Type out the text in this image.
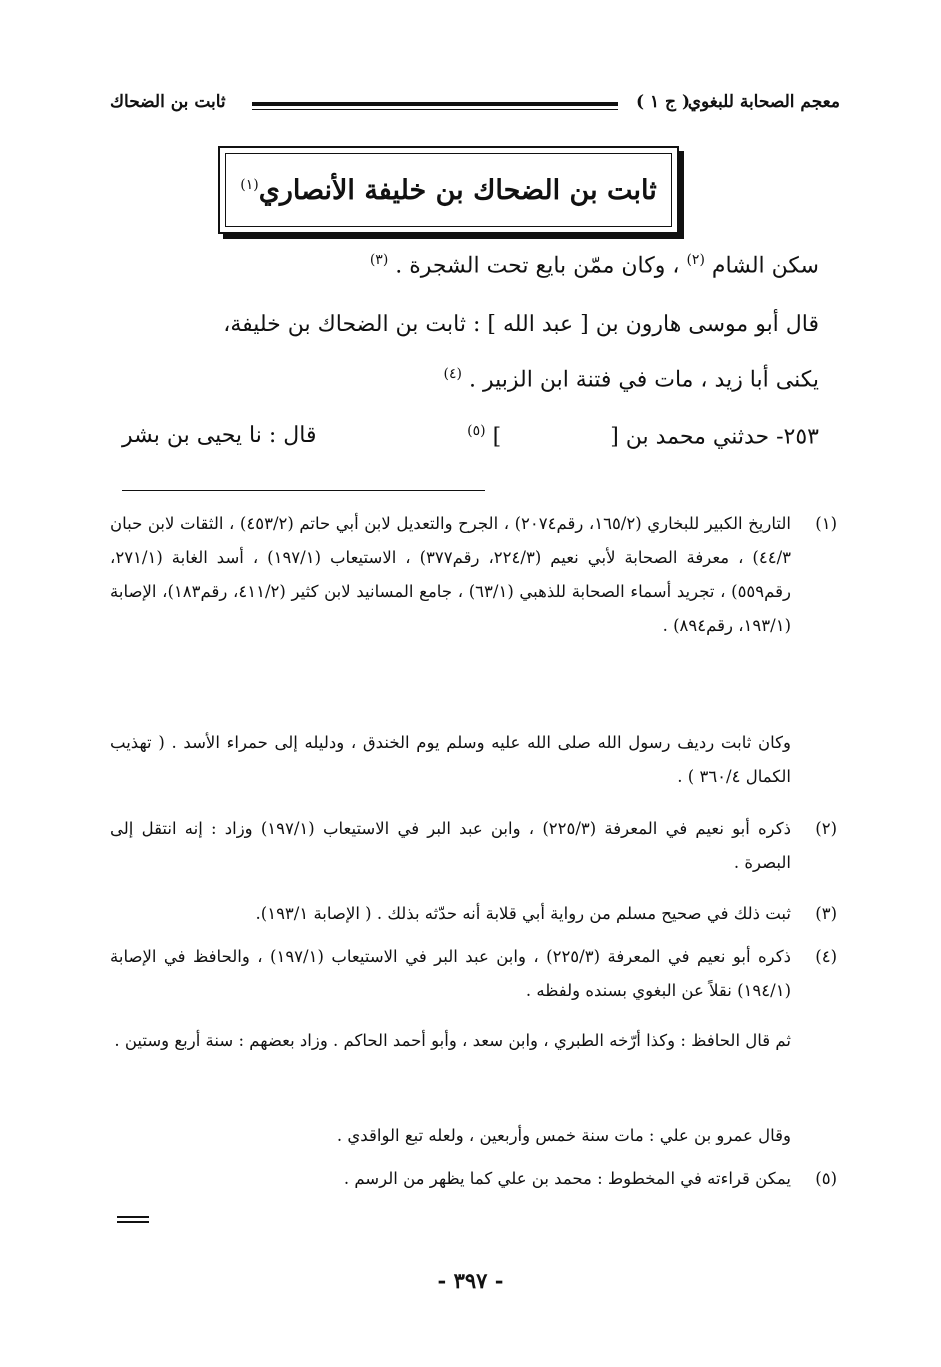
معجم الصحابة للبغوي
( ج ١ )
ثابت بن الضحاك
ثابت بن الضحاك بن خليفة الأنصاري$^{(١)}$
سكن الشام $^{(٢)}$ ، وكان ممّن بايع تحت الشجرة . $^{(٣)}$
قال أبو موسى هارون بن [ عبد الله ] : ثابت بن الضحاك بن خليفة،
يكنى أبا زيد ، مات في فتنة ابن الزبير . $^{(٤)}$
٢٥٣- حدثني محمد بن [  ] $^{(٥)}$
قال : نا يحيى بن بشر
(١)
التاريخ الكبير للبخاري (١٦٥/٢، رقم٢٠٧٤) ، الجرح والتعديل لابن أبي حاتم (٤٥٣/٢) ، الثقات لابن حبان ٤٤/٣) ، معرفة الصحابة لأبي نعيم (٢٢٤/٣، رقم٣٧٧) ، الاستيعاب (١٩٧/١) ، أسد الغابة (٢٧١/١، رقم٥٥٩) ، تجريد أسماء الصحابة للذهبي (٦٣/١) ، جامع المسانيد لابن كثير (٤١١/٢، رقم١٨٣)، الإصابة (١٩٣/١، رقم٨٩٤) .
وكان ثابت رديف رسول الله صلى الله عليه وسلم يوم الخندق ، ودليله إلى حمراء الأسد . ( تهذيب الكمال ٣٦٠/٤ ) .
(٢)
ذكره أبو نعيم في المعرفة (٢٢٥/٣) ، وابن عبد البر في الاستيعاب (١٩٧/١) وزاد : إنه انتقل إلى البصرة .
(٣)
ثبت ذلك في صحيح مسلم من رواية أبي قلابة أنه حدّثه بذلك . ( الإصابة ١٩٣/١).
(٤)
ذكره أبو نعيم في المعرفة (٢٢٥/٣) ، وابن عبد البر في الاستيعاب (١٩٧/١) ، والحافظ في الإصابة (١٩٤/١) نقلاً عن البغوي بسنده ولفظه .
ثم قال الحافظ : وكذا أرّخه الطبري ، وابن سعد ، وأبو أحمد الحاكم . وزاد بعضهم : سنة أربع وستين .
وقال عمرو بن علي : مات سنة خمس وأربعين ، ولعله تبع الواقدي .
(٥)
يمكن قراءته في المخطوط : محمد بن علي كما يظهر من الرسم .
- ٣٩٧ -
